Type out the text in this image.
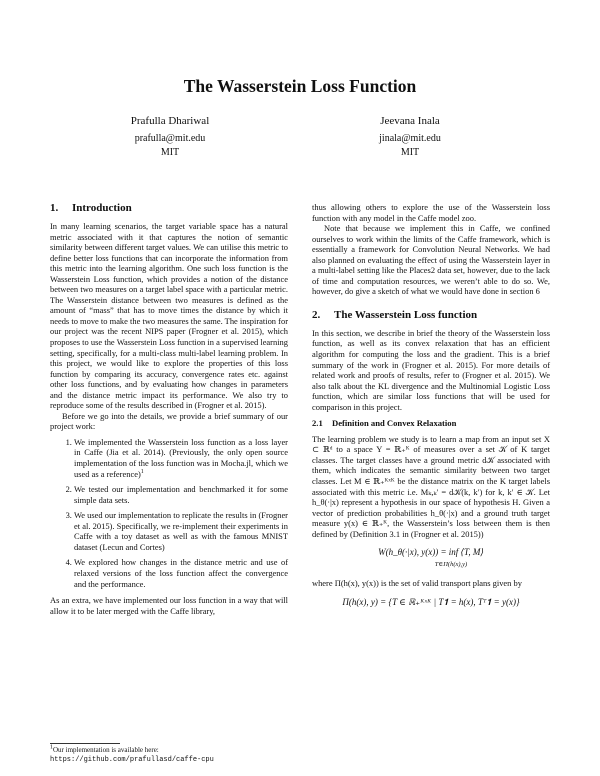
The Wasserstein Loss Function
Prafulla Dhariwal
prafulla@mit.edu
MIT
Jeevana Inala
jinala@mit.edu
MIT
1. Introduction

In many learning scenarios, the target variable space has a natural metric associated with it that captures the notion of semantic similarity between different target values. We can utilise this metric to define better loss functions that can incorporate the information from this metric into the learning algorithm. One such loss function is the Wasserstein Loss function, which provides a notion of the distance between two measures on a target label space with a particular metric. The Wasserstein distance between two measures is defined as the amount of “mass” that has to move times the distance by which it needs to move to make the two measures the same. The inspiration for our project was the recent NIPS paper (Frogner et al. 2015), which proposes to use the Wasserstein Loss function in a supervised learning setting, specifically, for a multi-class multi-label learning problem. In this project, we would like to explore the properties of this loss function by comparing its accuracy, convergence rates etc. against other loss functions, and by evaluating how changes in parameters and the distance metric impact its performance. We also try to reproduce some of the results described in (Frogner et al. 2015).

Before we go into the details, we provide a brief summary of our project work:

1. We implemented the Wasserstein loss function as a loss layer in Caffe (Jia et al. 2014). (Previously, the only open source implementation of the loss function was in Mocha.jl, which we used as a reference)$^1$
2. We tested our implementation and benchmarked it for some simple data sets.
3. We used our implementation to replicate the results in (Frogner et al. 2015). Specifically, we re-implement their experiments in Caffe with a toy dataset as well as with the famous MNIST dataset (Lecun and Cortes)
4. We explored how changes in the distance metric and use of relaxed versions of the loss function affect the convergence and the performance.

As an extra, we have implemented our loss function in a way that will allow it to be later merged with the Caffe library,

thus allowing others to explore the use of the Wasserstein loss function with any model in the Caffe model zoo.

Note that because we implement this in Caffe, we confined ourselves to work within the limits of the Caffe framework, which is essentially a framework for Convolution Neural Networks. We had also planned on evaluating the effect of using the Wasserstein layer in a multi-label setting like the Places2 data set, however, due to the lack of time and computation resources, we weren’t able to do so. We, however, do give a sketch of what we would have done in section 6

2. The Wasserstein Loss function

In this section, we describe in brief the theory of the Wasserstein loss function, as well as its convex relaxation that has an efficient algorithm for computing the loss and the gradient. This is a brief summary of the work in (Frogner et al. 2015). For more details of related work and proofs of results, refer to (Frogner et al. 2015). We also talk about the KL divergence and the Multinomial Logistic Loss function, which are similar loss functions that will be used for comparison in this project.

2.1 Definition and Convex Relaxation

The learning problem we study is to learn a map from an input set X ⊂ ℝᵈ to a space Y = ℝ₊ᴷ of measures over a set 𝒦 of K target classes. The target classes have a ground metric d𝒦 associated with them, which indicates the semantic similarity between two target classes. Let M ∈ ℝ₊ᴷˣᴷ be the distance matrix on the K target labels associated with this metric i.e. Mₖ,ₖ′ = d𝒦(k, k′) for k, k′ ∈ 𝒦. Let h_θ(·|x) represent a hypothesis in our space of hypothesis H. Given a vector of prediction probabilities h_θ(·|x) and a ground truth target measure y(x) ∈ ℝ₊ᴷ, the Wasserstein’s loss between them is then defined by (Definition 3.1 in (Frogner et al. 2015))

W(h_θ(·|x), y(x)) = inf ⟨T, M⟩
T∈Π(h(x),y)

where Π(h(x), y(x)) is the set of valid transport plans given by

Π(h(x), y) = {T ∈ ℝ₊ᴷˣᴷ | T𝟏 = h(x), Tᵀ𝟏 = y(x)}
$^1$Our implementation is available here: https://github.com/prafullasd/caffe-cpu
